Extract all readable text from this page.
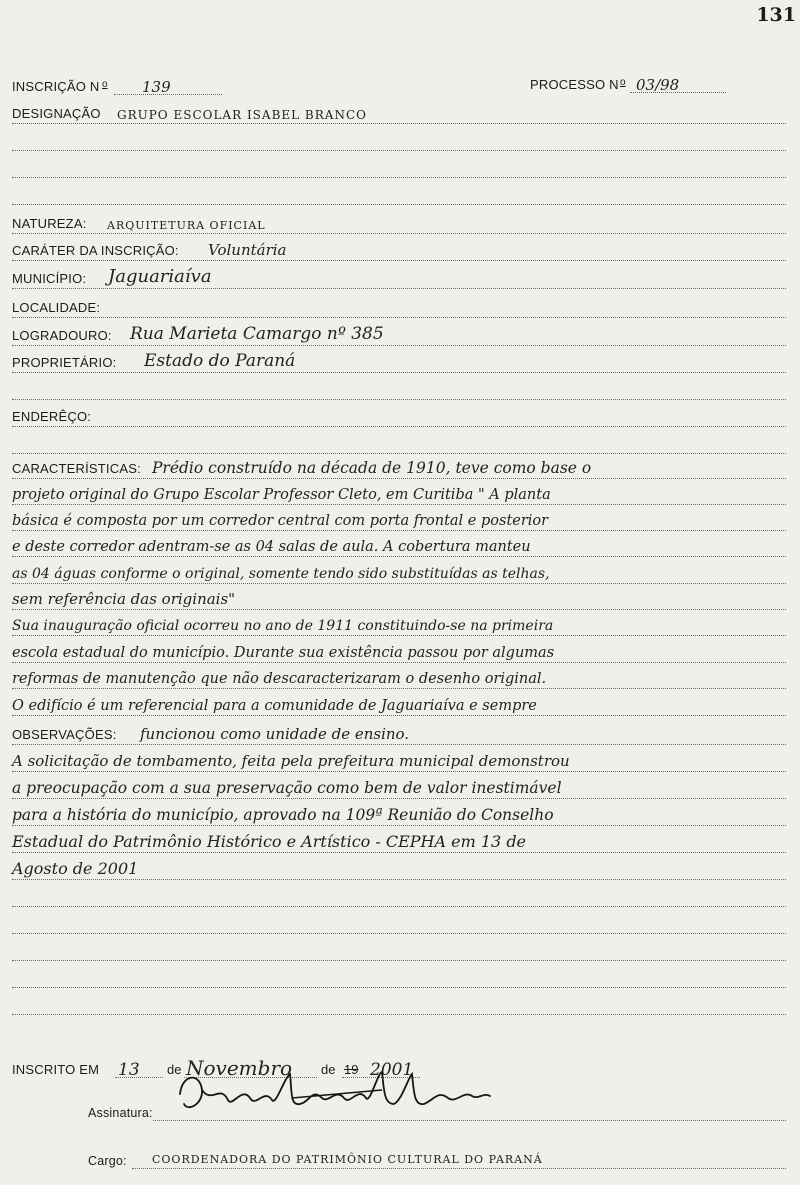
131
INSCRIÇÃO N o 139	PROCESSO N o 03/98
DESIGNAÇÃO GRUPO ESCOLAR ISABEL BRANCO
NATUREZA: ARQUITETURA OFICIAL
CARÁTER DA INSCRIÇÃO: Voluntária
MUNICÍPIO: Jaguariaíva
LOCALIDADE:
LOGRADOURO: Rua Marieta Camargo nº 385
PROPRIETÁRIO: Estado do Paraná
ENDERÊÇO:
CARACTERÍSTICAS: Prédio construído na década de 1910, teve como base o
projeto original do Grupo Escolar Professor Cleto, em Curitiba " A planta
básica é composta por um corredor central com porta frontal e posterior
e deste corredor adentram-se as 04 salas de aula. A cobertura manteu
as 04 águas conforme o original, somente tendo sido substituídas as telhas,
sem referência das originais"
Sua inauguração oficial ocorreu no ano de 1911 constituindo-se na primeira
escola estadual do município. Durante sua existência passou por algumas
reformas de manutenção que não descaracterizaram o desenho original.
O edifício é um referencial para a comunidade de Jaguariaíva e sempre
OBSERVAÇÕES: funcionou como unidade de ensino.
A solicitação de tombamento, feita pela prefeitura municipal demonstrou
a preocupação com a sua preservação como bem de valor inestimável
para a história do município, aprovado na 109ª Reunião do Conselho
Estadual do Patrimônio Histórico e Artístico - CEPHA em 13 de
Agosto de 2001
INSCRITO EM 13 de Novembro de 19 2001
Assinatura:
Cargo: COORDENADORA DO PATRIMÔNIO CULTURAL DO PARANÁ
